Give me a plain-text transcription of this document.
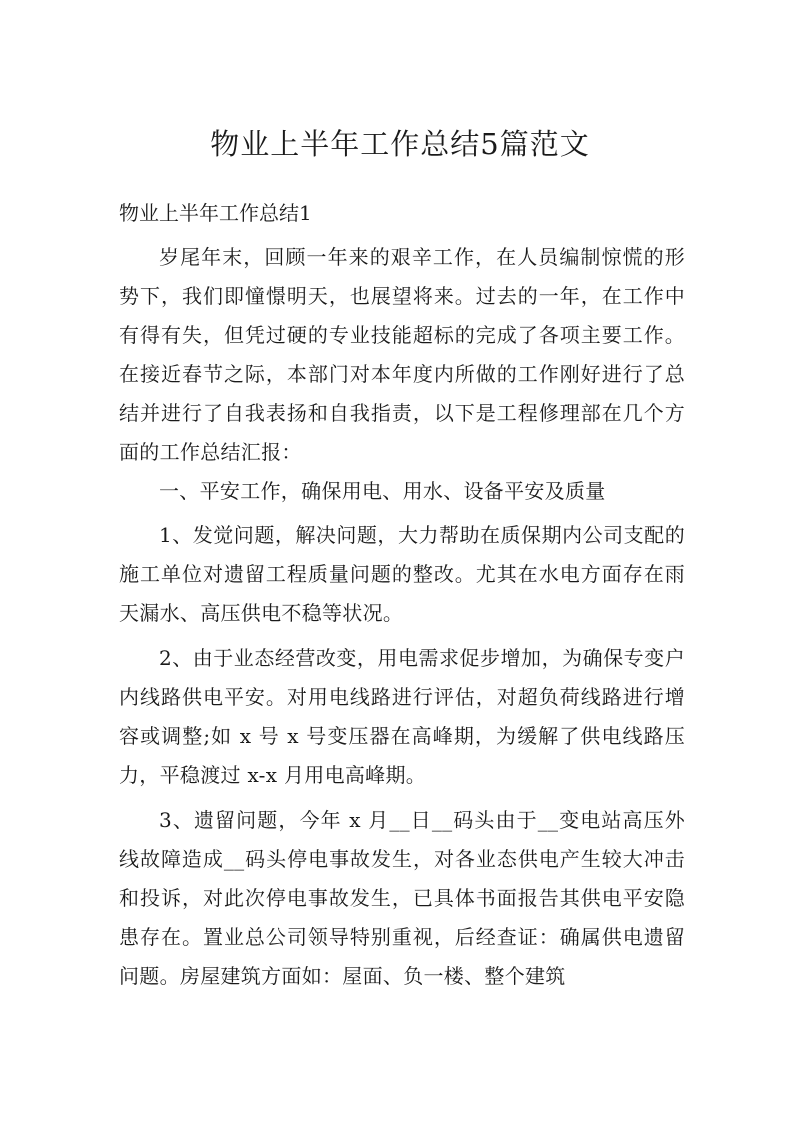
物业上半年工作总结5篇范文

物业上半年工作总结1

岁尾年末，回顾一年来的艰辛工作，在人员编制惊慌的形势下，我们即憧憬明天，也展望将来。过去的一年，在工作中有得有失，但凭过硬的专业技能超标的完成了各项主要工作。在接近春节之际，本部门对本年度内所做的工作刚好进行了总结并进行了自我表扬和自我指责，以下是工程修理部在几个方面的工作总结汇报：

一、平安工作，确保用电、用水、设备平安及质量

1、发觉问题，解决问题，大力帮助在质保期内公司支配的施工单位对遗留工程质量问题的整改。尤其在水电方面存在雨天漏水、高压供电不稳等状况。

2、由于业态经营改变，用电需求促步增加，为确保专变户内线路供电平安。对用电线路进行评估，对超负荷线路进行增容或调整;如 x 号 x 号变压器在高峰期，为缓解了供电线路压力，平稳渡过 x-x 月用电高峰期。

3、遗留问题，今年 x 月__日__码头由于__变电站高压外线故障造成__码头停电事故发生，对各业态供电产生较大冲击和投诉，对此次停电事故发生，已具体书面报告其供电平安隐患存在。置业总公司领导特别重视，后经查证：确属供电遗留问题。房屋建筑方面如：屋面、负一楼、整个建筑
